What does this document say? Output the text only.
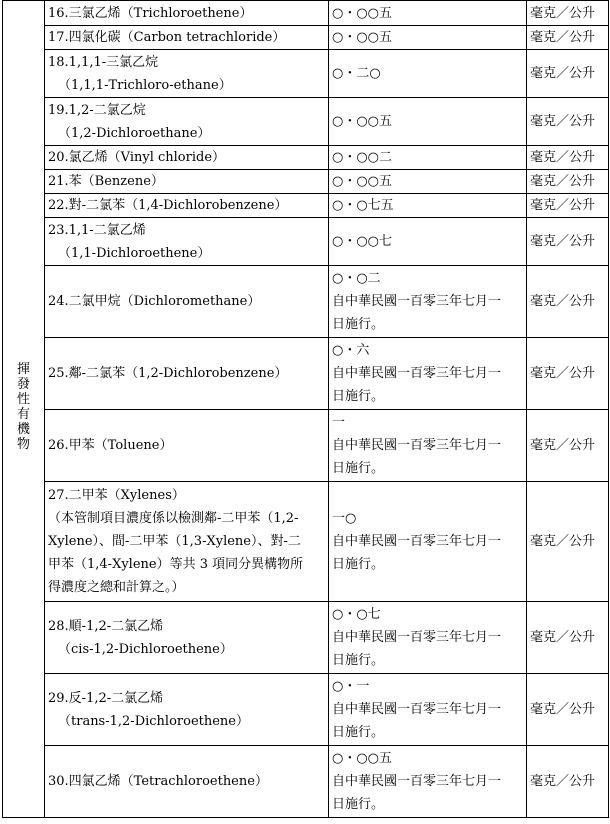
揮發性有機物	16.三氯乙烯（Trichloroethene）	○・○○五	毫克／公升

	17.四氯化碳（Carbon tetrachloride）	○・○○五	毫克／公升

	18.1,1,1-三氯乙烷
（1,1,1-Trichloro-ethane）	○・二○	毫克／公升

	19.1,2-二氯乙烷
（1,2-Dichloroethane）	○・○○五	毫克／公升

	20.氯乙烯（Vinyl chloride）	○・○○二	毫克／公升

	21.苯（Benzene）	○・○○五	毫克／公升

	22.對-二氯苯（1,4-Dichlorobenzene）	○・○七五	毫克／公升

	23.1,1-二氯乙烯
（1,1-Dichloroethene）	○・○○七	毫克／公升

	24.二氯甲烷（Dichloromethane）	○・○二
自中華民國一百零三年七月一
日施行。	毫克／公升

	25.鄰-二氯苯（1,2-Dichlorobenzene）	○・六
自中華民國一百零三年七月一
日施行。	毫克／公升

	26.甲苯（Toluene）	一
自中華民國一百零三年七月一
日施行。	毫克／公升

	27.二甲苯（Xylenes）
（本管制項目濃度係以檢測鄰-二甲苯（1,2-
Xylene）、間-二甲苯（1,3-Xylene）、對-二
甲苯（1,4-Xylene）等共 3 項同分異構物所
得濃度之總和計算之。）	一○
自中華民國一百零三年七月一
日施行。	毫克／公升

	28.順-1,2-二氯乙烯
（cis-1,2-Dichloroethene）	○・○七
自中華民國一百零三年七月一
日施行。	毫克／公升

	29.反-1,2-二氯乙烯
（trans-1,2-Dichloroethene）	○・一
自中華民國一百零三年七月一
日施行。	毫克／公升

	30.四氯乙烯（Tetrachloroethene）	○・○○五
自中華民國一百零三年七月一
日施行。	毫克／公升
